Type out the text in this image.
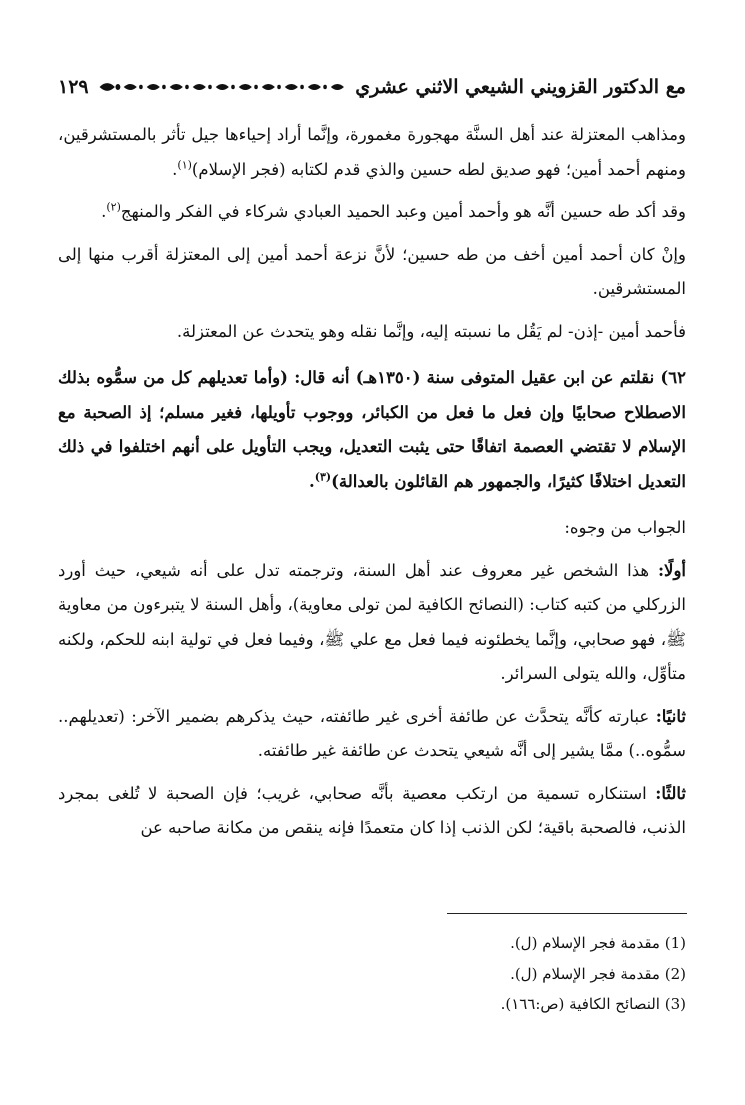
مع الدكتور القزويني الشيعي الاثني عشري
١٢٩

ومذاهب المعتزلة عند أهل السنَّة مهجورة مغمورة، وإنَّما أراد إحياءها جيل تأثر بالمستشرقين، ومنهم أحمد أمين؛ فهو صديق لطه حسين والذي قدم لكتابه (فجر الإسلام)$^{(١)}$.

وقد أكد طه حسين أنَّه هو وأحمد أمين وعبد الحميد العبادي شركاء في الفكر والمنهج$^{(٢)}$.

وإنْ كان أحمد أمين أخف من طه حسين؛ لأنَّ نزعة أحمد أمين إلى المعتزلة أقرب منها إلى المستشرقين.

فأحمد أمين -إذن- لم يَقُل ما نسبته إليه، وإنَّما نقله وهو يتحدث عن المعتزلة.

٦٢) نقلتم عن ابن عقيل المتوفى سنة (١٣٥٠هـ) أنه قال: (وأما تعديلهم كل من سمُّوه بذلك الاصطلاح صحابيًا وإن فعل ما فعل من الكبائر، ووجوب تأويلها، فغير مسلم؛ إذ الصحبة مع الإسلام لا تقتضي العصمة اتفاقًا حتى يثبت التعديل، ويجب التأويل على أنهم اختلفوا في ذلك التعديل اختلافًا كثيرًا، والجمهور هم القائلون بالعدالة)$^{(٣)}$.

الجواب من وجوه:

أولًا: هذا الشخص غير معروف عند أهل السنة، وترجمته تدل على أنه شيعي، حيث أورد الزركلي من كتبه كتاب: (النصائح الكافية لمن تولى معاوية)، وأهل السنة لا يتبرءون من معاوية ﷺ، فهو صحابي، وإنَّما يخطئونه فيما فعل مع علي ﷺ، وفيما فعل في تولية ابنه للحكم، ولكنه متأوِّل، والله يتولى السرائر.

ثانيًا: عبارته كأنَّه يتحدَّث عن طائفة أخرى غير طائفته، حيث يذكرهم بضمير الآخر: (تعديلهم.. سمُّوه..) ممَّا يشير إلى أنَّه شيعي يتحدث عن طائفة غير طائفته.

ثالثًا: استنكاره تسمية من ارتكب معصية بأنَّه صحابي، غريب؛ فإن الصحبة لا تُلغى بمجرد الذنب، فالصحبة باقية؛ لكن الذنب إذا كان متعمدًا فإنه ينقص من مكانة صاحبه عن

(1) مقدمة فجر الإسلام (ل).
(2) مقدمة فجر الإسلام (ل).
(3) النصائح الكافية (ص:١٦٦).
